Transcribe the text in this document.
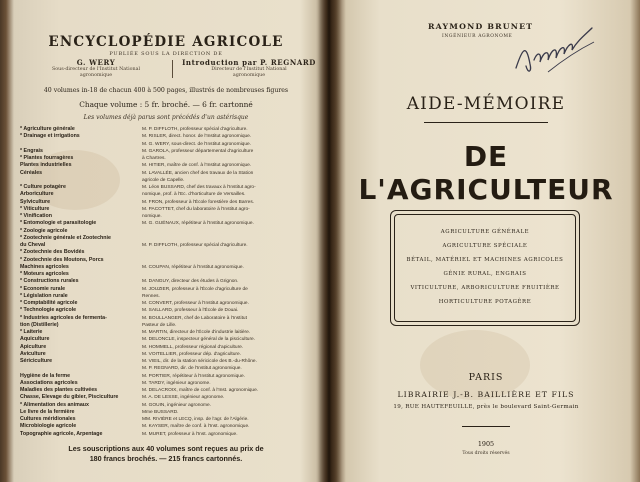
ENCYCLOPÉDIE AGRICOLE
PUBLIÉE SOUS LA DIRECTION DE
G. WERY
Sous-directeur de l'Institut National
agronomique
Introduction par P. REGNARD
Directeur de l'Institut National
agronomique
40 volumes in-18 de chacun 400 à 500 pages, illustrés de nombreuses figures
Chaque volume : 5 fr. broché. — 6 fr. cartonné
Les volumes déjà parus sont précédés d'un astérisque
* Agriculture générale	M. P. DIFFLOTH, professeur spécial d'agriculture.
* Drainage et irrigations	M. RISLER, direct. honor. de l'Institut agronomique.
M. G. WERY, sous-direct. de l'Institut agronomique.
* Engrais	M. GAROLA, professeur départemental d'agriculture
* Plantes fourragères	à Chartres.
Plantes industrielles	M. HITIER, maître de conf. à l'Institut agronomique.
Céréales	M. LAVALLÉE, ancien chef des travaux de la Station
agricole de Capelle.
* Culture potagère	M. Léon BUSSARD, chef des travaux à l'Institut agro-
Arboriculture	nomique, prof. à l'Ec. d'horticulture de Versailles.
Sylviculture	M. FRON, professeur à l'École forestière des Barres.
* Viticulture	M. PACOTTET, chef du laboratoire à l'Institut agro-
* Vinification	nomique.
* Entomologie et parasitologie	M. G. GUÉNAUX, répétiteur à l'Institut agronomique.
* Zoologie agricole
* Zootechnie générale et Zootechnie
du Cheval	M. P. DIFFLOTH, professeur spécial d'agriculture.
* Zootechnie des Bovidés
* Zootechnie des Moutons, Porcs
Machines agricoles	M. COUPAN, répétiteur à l'Institut agronomique.
* Moteurs agricoles
* Constructions rurales	M. DANGUY, directeur des études à Grignon.
* Economie rurale	M. JOUZIER, professeur à l'École d'agriculture de
* Législation rurale	Rennes.
* Comptabilité agricole	M. CONVERT, professeur à l'Institut agronomique.
* Technologie agricole	M. SAILLARD, professeur à l'École de Douai.
* Industries agricoles de fermenta-	M. BOULLANGER, chef de Laboratoire à l'Institut
tion (Distillerie)	Pasteur de Lille.
* Laiterie	M. MARTIN, directeur de l'École d'industrie laitière.
Aquiculture	M. DELONCLE, inspecteur général de la pisciculture.
Apiculture	M. HOMMELL, professeur régional d'apiculture.
Aviculture	M. VOITELLIER, professeur dép. d'agriculture.
Sériciculture	M. VIEIL, dir. de la station séricicole des B.-du-Rhône.
M. P. REGNARD, dir. de l'Institut agronomique.
Hygiène de la ferme	M. PORTIER, répétiteur à l'Institut agronomique.
Associations agricoles	M. TARDY, ingénieur agronome.
Maladies des plantes cultivées	M. DELACROIX, maître de conf. à l'Inst. agronomique.
Chasse, Elevage du gibier, Pisciculture	M. A. DE LESSE, ingénieur agronome.
* Alimentation des animaux	M. GOUIN, ingénieur agronome.
Le livre de la fermière	Mme BUSSARD.
Cultures méridionales	MM. RIVIÈRE et LECQ, insp. de l'agr. de l'Algérie.
Microbiologie agricole	M. KAYSER, maître de conf. à l'Inst. agronomique.
Topographie agricole, Arpentage	M. MURET, professeur à l'Inst. agronomique.
Les souscriptions aux 40 volumes sont reçues au prix de
180 francs brochés. — 215 francs cartonnés.
RAYMOND BRUNET
INGÉNIEUR AGRONOME
AIDE-MÉMOIRE
DE L'AGRICULTEUR
AGRICULTURE GÉNÉRALE
AGRICULTURE SPÉCIALE
BÉTAIL, MATÉRIEL ET MACHINES AGRICOLES
GÉNIE RURAL, ENGRAIS
VITICULTURE, ARBORICULTURE FRUITIÈRE
HORTICULTURE POTAGÈRE
PARIS
LIBRAIRIE J.-B. BAILLIÈRE ET FILS
19, RUE HAUTEFEUILLE, près le boulevard Saint-Germain
1905
Tous droits réservés
